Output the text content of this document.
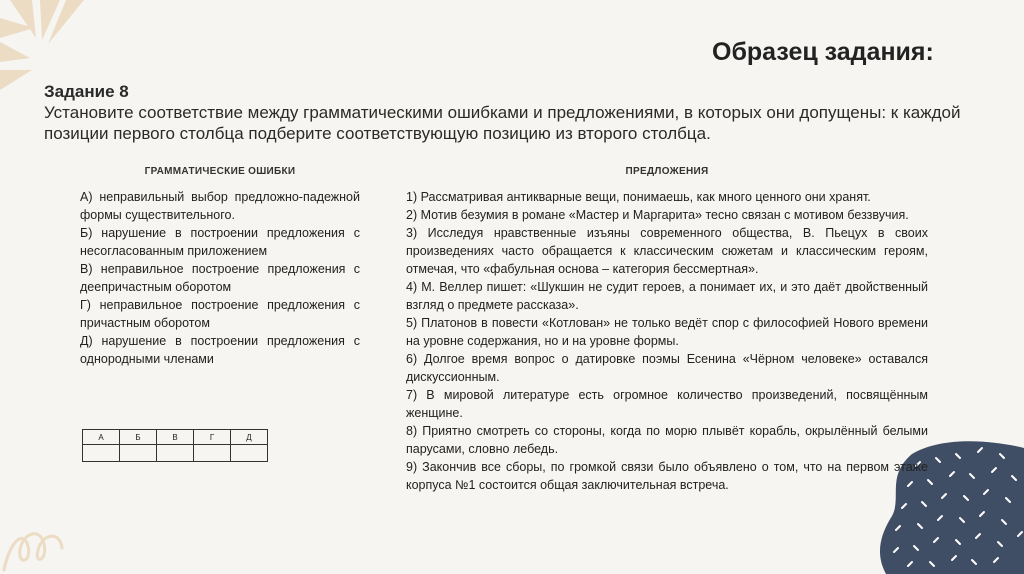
Образец задания:
Задание 8
Установите соответствие между грамматическими ошибками и предложениями, в которых они допущены: к каждой позиции первого столбца подберите соответствующую позицию из второго столбца.
ГРАММАТИЧЕСКИЕ ОШИБКИ	ПРЕДЛОЖЕНИЯ
А) неправильный выбор предложно-падежной формы существительного.
Б) нарушение в построении предложения с несогласованным приложением
В) неправильное построение предложения с деепричастным оборотом
Г) неправильное построение предложения с причастным оборотом
Д) нарушение в построении предложения с однородными членами
1) Рассматривая антикварные вещи, понимаешь, как много ценного они хранят.
2) Мотив безумия в романе «Мастер и Маргарита» тесно связан с мотивом беззвучия.
3) Исследуя нравственные изъяны современного общества, В. Пьецух в своих произведениях часто обращается к классическим сюжетам и классическим героям, отмечая, что «фабульная основа – категория бессмертная».
4) М. Веллер пишет: «Шукшин не судит героев, а понимает их, и это даёт двойственный взгляд о предмете рассказа».
5) Платонов в повести «Котлован» не только ведёт спор с философией Нового времени на уровне содержания, но и на уровне формы.
6) Долгое время вопрос о датировке поэмы Есенина «Чёрном человеке» оставался дискуссионным.
7) В мировой литературе есть огромное количество произведений, посвящённым женщине.
8) Приятно смотреть со стороны, когда по морю плывёт корабль, окрылённый белыми парусами, словно лебедь.
9) Закончив все сборы, по громкой связи было объявлено о том, что на первом этаже корпуса №1 состоится общая заключительная встреча.
А	Б	В	Г	Д
